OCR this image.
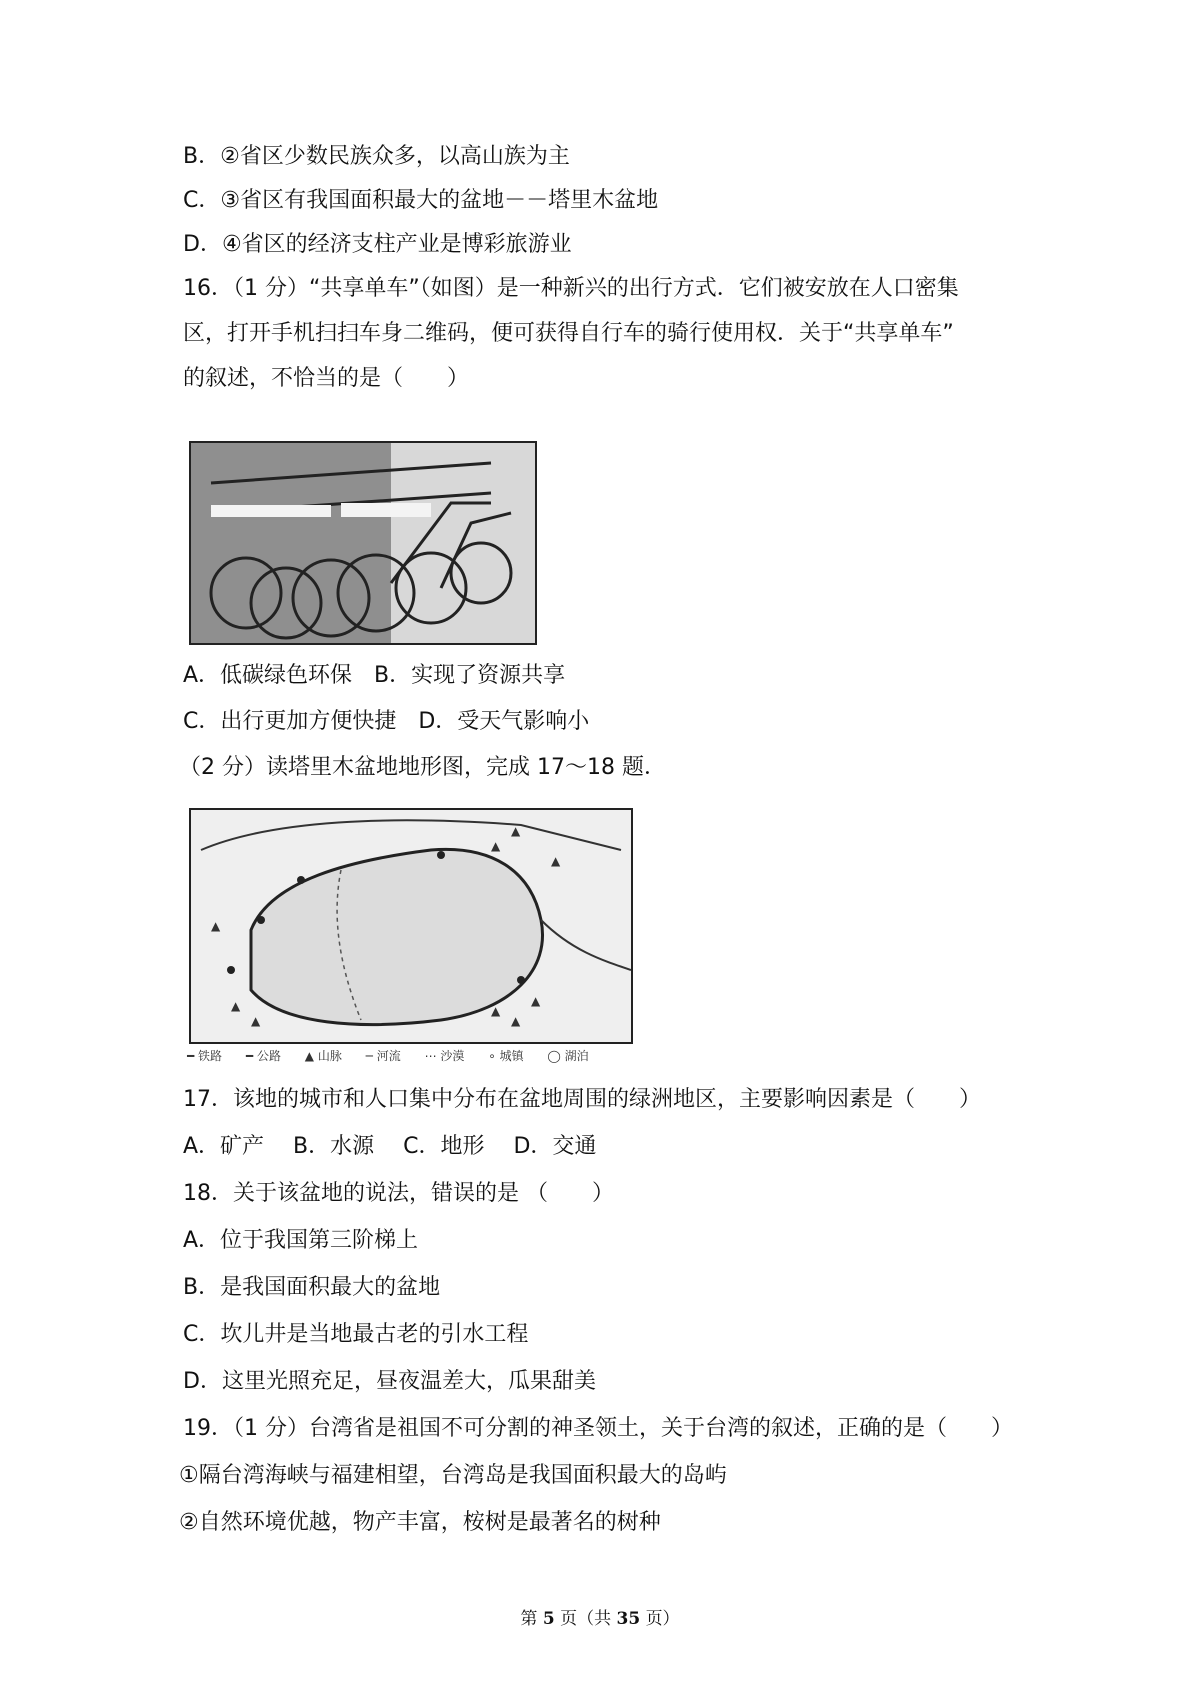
B．②省区少数民族众多，以高山族为主
C．③省区有我国面积最大的盆地－－塔里木盆地
D．④省区的经济支柱产业是博彩旅游业
16．（1 分）“共享单车”（如图）是一种新兴的出行方式．它们被安放在人口密集
区，打开手机扫扫车身二维码，便可获得自行车的骑行使用权．关于“共享单车”
的叙述，不恰当的是（　　）
A．低碳绿色环保　B．实现了资源共享
C．出行更加方便快捷　D．受天气影响小
（2 分）读塔里木盆地地形图，完成 17～18 题．
▲
▲
▲
▲
▲
▲
▲
▲
▲
━ 铁路 ━ 公路 ▲ 山脉 ─ 河流 ⋯ 沙漠 ∘ 城镇 ◯ 湖泊
17．该地的城市和人口集中分布在盆地周围的绿洲地区，主要影响因素是（　　）
A．矿产　 B．水源　 C．地形　 D．交通
18．关于该盆地的说法，错误的是 （　　）
A．位于我国第三阶梯上
B．是我国面积最大的盆地
C．坎儿井是当地最古老的引水工程
D．这里光照充足，昼夜温差大，瓜果甜美
19．（1 分）台湾省是祖国不可分割的神圣领土，关于台湾的叙述，正确的是（　　）
①隔台湾海峡与福建相望，台湾岛是我国面积最大的岛屿
②自然环境优越，物产丰富，桉树是最著名的树种
第 5 页（共 35 页）
